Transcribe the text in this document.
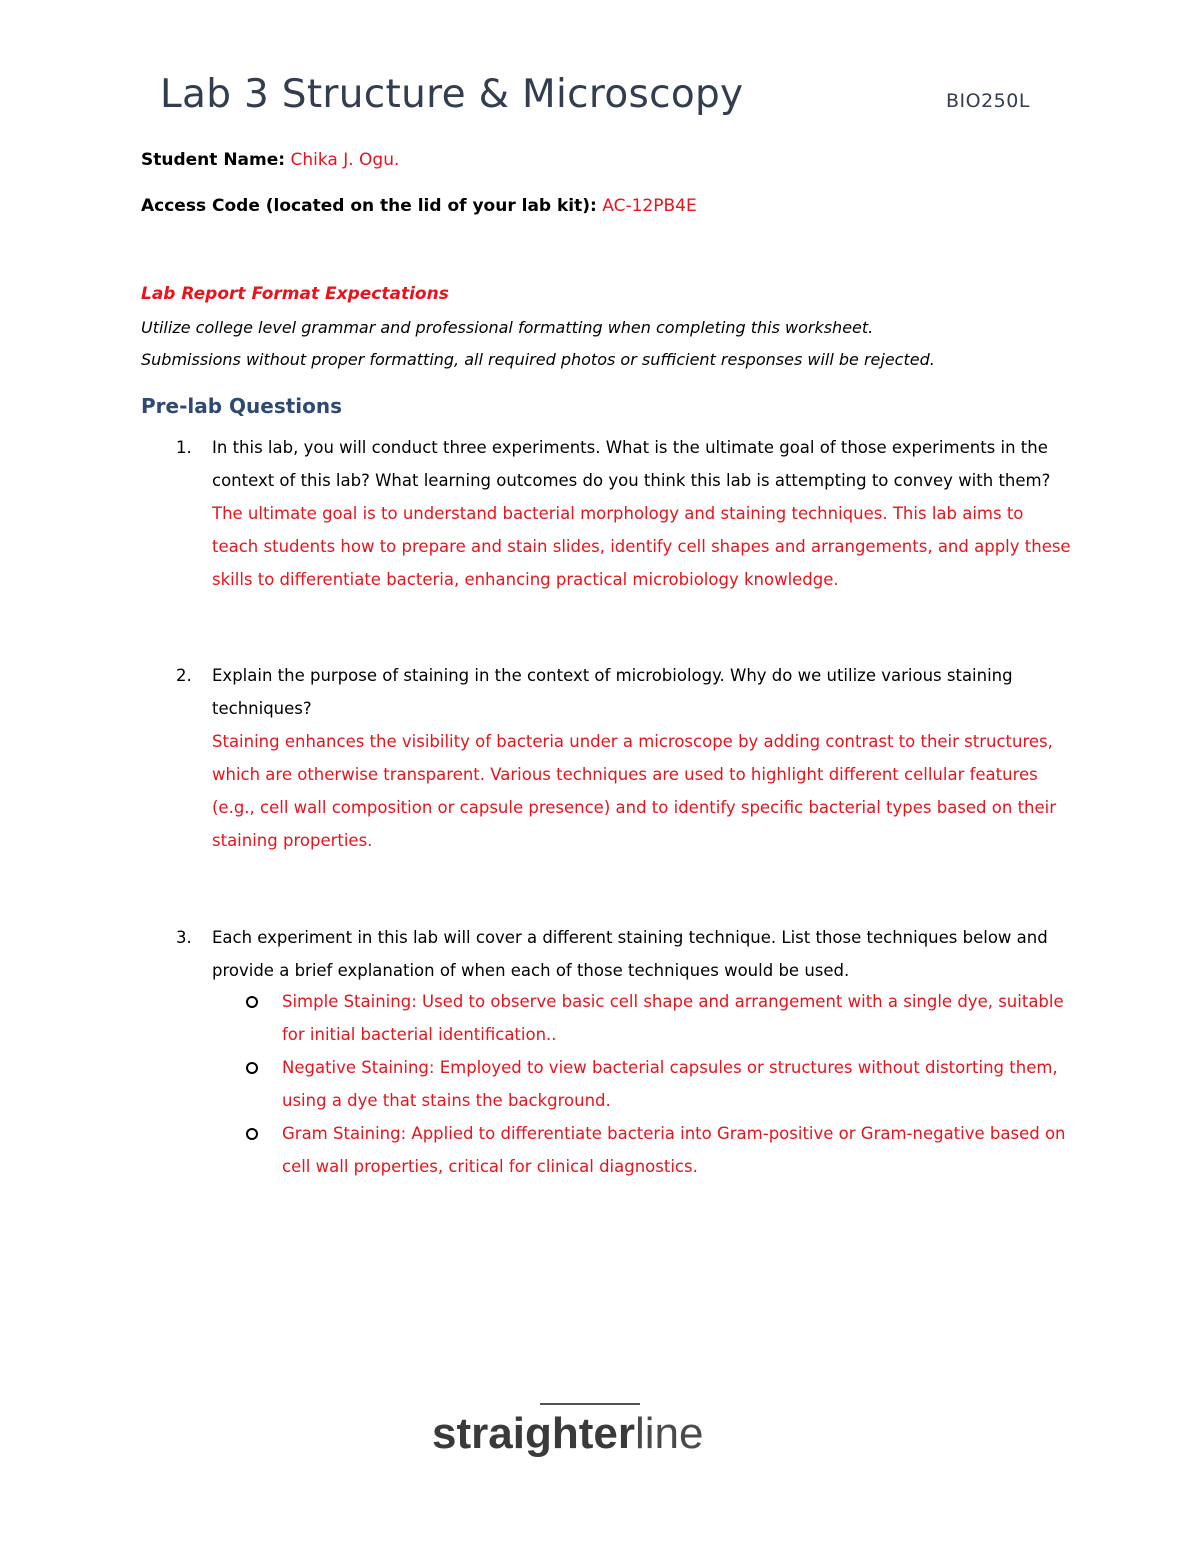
Lab 3 Structure & Microscopy	BIO250L
Student Name: Chika J. Ogu.
Access Code (located on the lid of your lab kit): AC-12PB4E
Lab Report Format Expectations
Utilize college level grammar and professional formatting when completing this worksheet.
Submissions without proper formatting, all required photos or sufficient responses will be rejected.
Pre-lab Questions
1. In this lab, you will conduct three experiments. What is the ultimate goal of those experiments in the context of this lab? What learning outcomes do you think this lab is attempting to convey with them?
The ultimate goal is to understand bacterial morphology and staining techniques. This lab aims to teach students how to prepare and stain slides, identify cell shapes and arrangements, and apply these skills to differentiate bacteria, enhancing practical microbiology knowledge.
2. Explain the purpose of staining in the context of microbiology. Why do we utilize various staining techniques?
Staining enhances the visibility of bacteria under a microscope by adding contrast to their structures, which are otherwise transparent. Various techniques are used to highlight different cellular features (e.g., cell wall composition or capsule presence) and to identify specific bacterial types based on their staining properties.
3. Each experiment in this lab will cover a different staining technique. List those techniques below and provide a brief explanation of when each of those techniques would be used.
Simple Staining: Used to observe basic cell shape and arrangement with a single dye, suitable for initial bacterial identification..
Negative Staining: Employed to view bacterial capsules or structures without distorting them, using a dye that stains the background.
Gram Staining: Applied to differentiate bacteria into Gram-positive or Gram-negative based on cell wall properties, critical for clinical diagnostics.
straighterline
